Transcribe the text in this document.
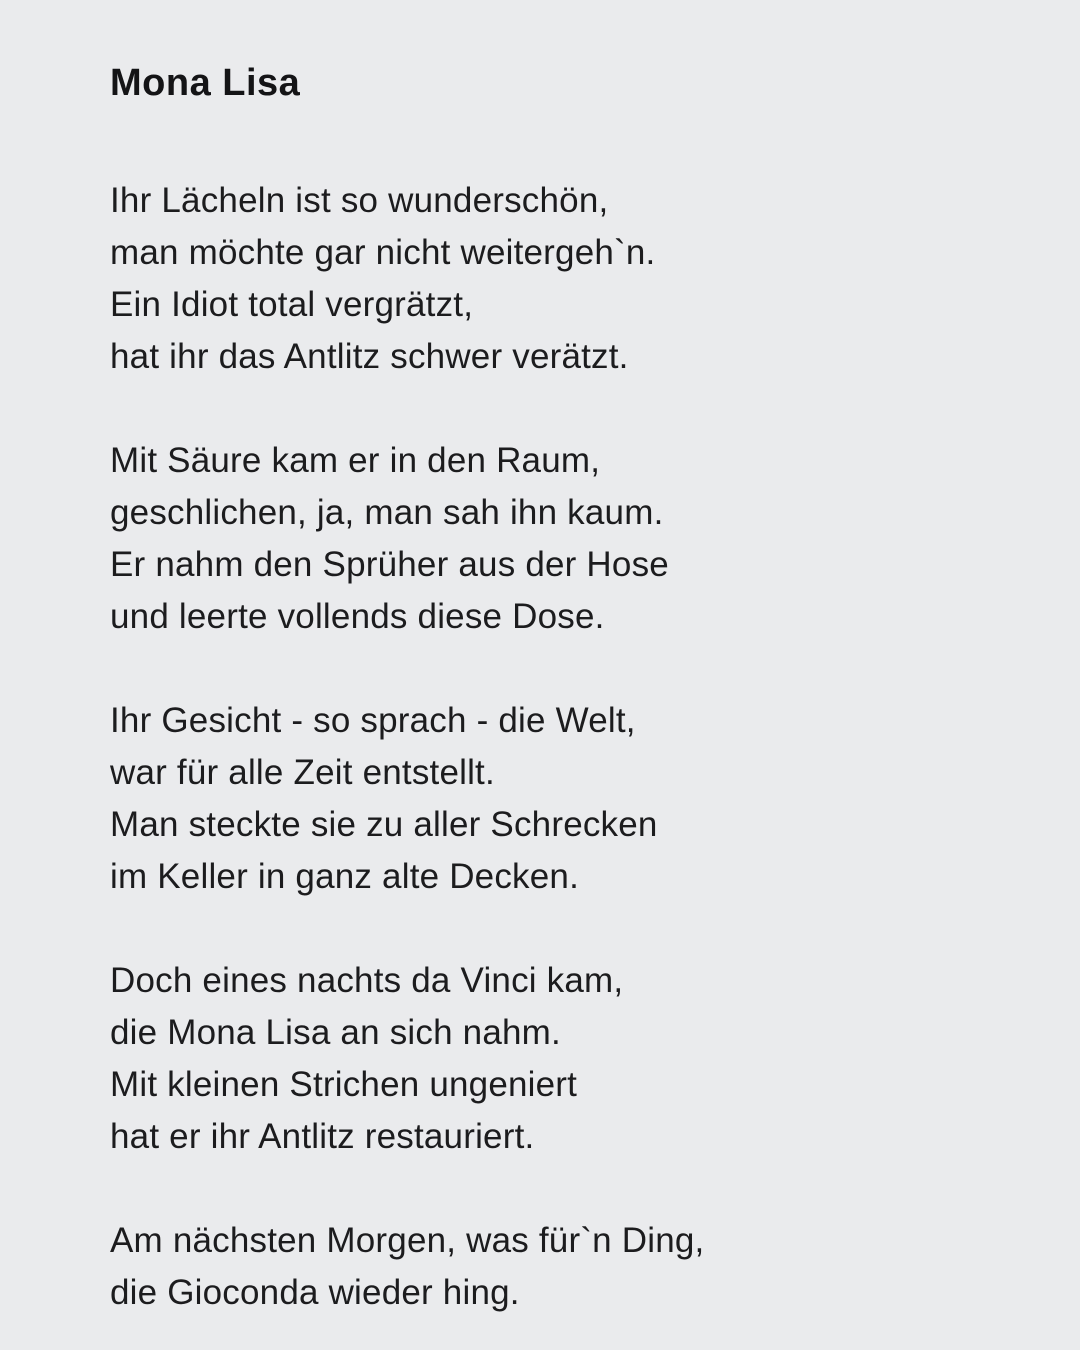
Mona Lisa

Ihr Lächeln ist so wunderschön,

man möchte gar nicht weitergeh`n.

Ein Idiot total vergrätzt,

hat ihr das Antlitz schwer verätzt.

Mit Säure kam er in den Raum,

geschlichen, ja, man sah ihn kaum.

Er nahm den Sprüher aus der Hose

und leerte vollends diese Dose.

Ihr Gesicht - so sprach - die Welt,

war für alle Zeit entstellt.

Man steckte sie zu aller Schrecken

im Keller in ganz alte Decken.

Doch eines nachts da Vinci kam,

die Mona Lisa an sich nahm.

Mit kleinen Strichen ungeniert

hat er ihr Antlitz restauriert.

Am nächsten Morgen, was für`n Ding,

die Gioconda wieder hing.
